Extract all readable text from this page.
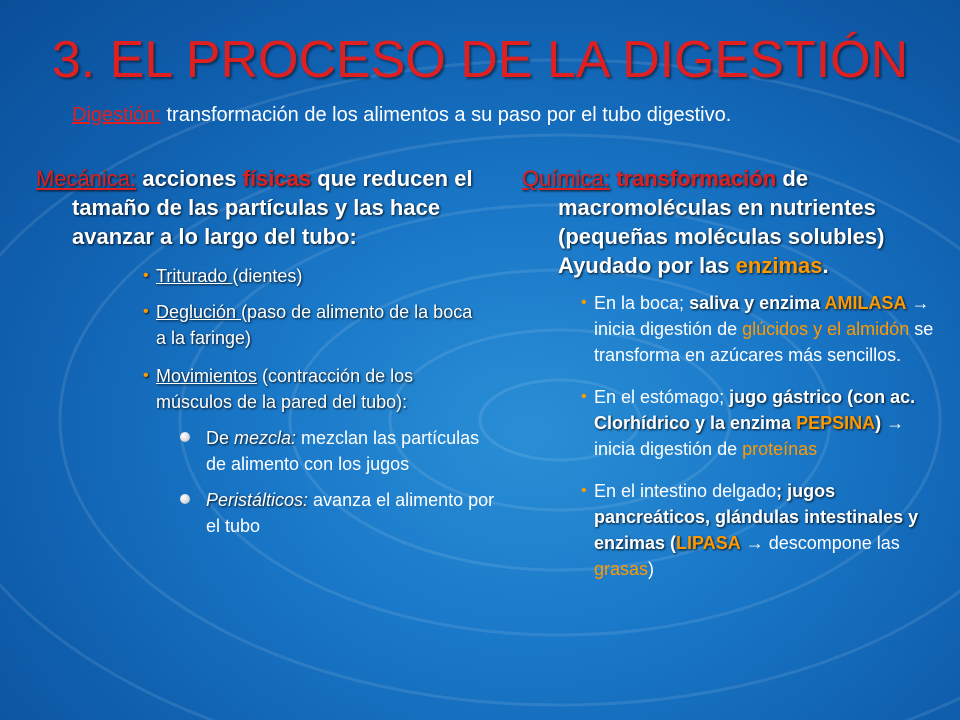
3. EL PROCESO DE LA DIGESTIÓN
Digestión: transformación de los alimentos a su paso por el tubo digestivo.
Mecánica: acciones físicas que reducen el tamaño de las partículas y las hace avanzar a lo largo del tubo:
• Triturado (dientes)
• Deglución (paso de alimento de la boca a la faringe)
• Movimientos (contracción de los músculos de la pared del tubo):
De mezcla: mezclan las partículas de alimento con los jugos
Peristálticos: avanza el alimento por el tubo
Química: transformación de macromoléculas en nutrientes (pequeñas moléculas solubles) Ayudado por las enzimas.
• En la boca; saliva y enzima AMILASA → inicia digestión de glúcidos y el almidón se transforma en azúcares más sencillos.
• En el estómago; jugo gástrico (con ac. Clorhídrico y la enzima PEPSINA) → inicia digestión de proteínas
• En el intestino delgado; jugos pancreáticos, glándulas intestinales y enzimas (LIPASA → descompone las grasas)
